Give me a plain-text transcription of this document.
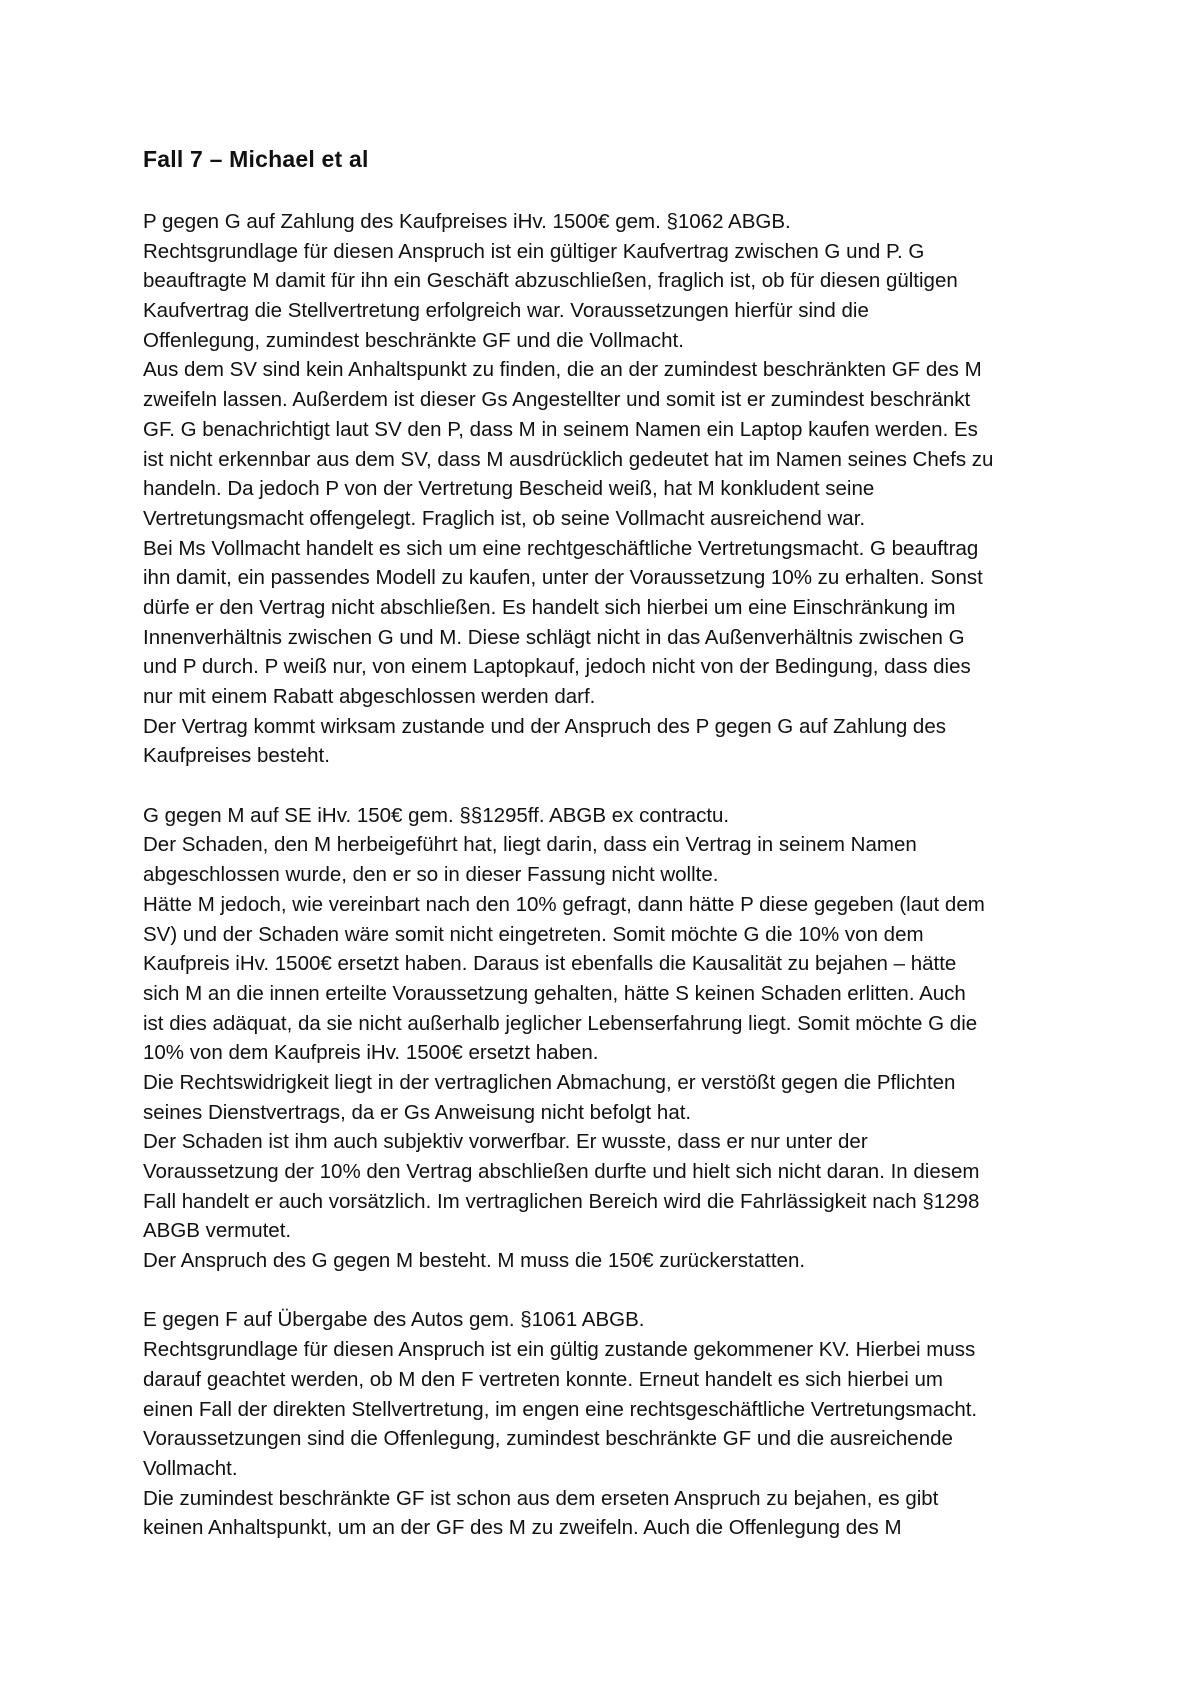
Fall 7 – Michael et al
P gegen G auf Zahlung des Kaufpreises iHv. 1500€ gem. §1062 ABGB.
Rechtsgrundlage für diesen Anspruch ist ein gültiger Kaufvertrag zwischen G und P. G
beauftragte M damit für ihn ein Geschäft abzuschließen, fraglich ist, ob für diesen gültigen
Kaufvertrag die Stellvertretung erfolgreich war. Voraussetzungen hierfür sind die
Offenlegung, zumindest beschränkte GF und die Vollmacht.
Aus dem SV sind kein Anhaltspunkt zu finden, die an der zumindest beschränkten GF des M
zweifeln lassen. Außerdem ist dieser Gs Angestellter und somit ist er zumindest beschränkt
GF. G benachrichtigt laut SV den P, dass M in seinem Namen ein Laptop kaufen werden. Es
ist nicht erkennbar aus dem SV, dass M ausdrücklich gedeutet hat im Namen seines Chefs zu
handeln. Da jedoch P von der Vertretung Bescheid weiß, hat M konkludent seine
Vertretungsmacht offengelegt. Fraglich ist, ob seine Vollmacht ausreichend war.
Bei Ms Vollmacht handelt es sich um eine rechtgeschäftliche Vertretungsmacht. G beauftrag
ihn damit, ein passendes Modell zu kaufen, unter der Voraussetzung 10% zu erhalten. Sonst
dürfe er den Vertrag nicht abschließen. Es handelt sich hierbei um eine Einschränkung im
Innenverhältnis zwischen G und M. Diese schlägt nicht in das Außenverhältnis zwischen G
und P durch. P weiß nur, von einem Laptopkauf, jedoch nicht von der Bedingung, dass dies
nur mit einem Rabatt abgeschlossen werden darf.
Der Vertrag kommt wirksam zustande und der Anspruch des P gegen G auf Zahlung des
Kaufpreises besteht.
G gegen M auf SE iHv. 150€ gem. §§1295ff. ABGB ex contractu.
Der Schaden, den M herbeigeführt hat, liegt darin, dass ein Vertrag in seinem Namen
abgeschlossen wurde, den er so in dieser Fassung nicht wollte.
Hätte M jedoch, wie vereinbart nach den 10% gefragt, dann hätte P diese gegeben (laut dem
SV) und der Schaden wäre somit nicht eingetreten. Somit möchte G die 10% von dem
Kaufpreis iHv. 1500€ ersetzt haben. Daraus ist ebenfalls die Kausalität zu bejahen – hätte
sich M an die innen erteilte Voraussetzung gehalten, hätte S keinen Schaden erlitten. Auch
ist dies adäquat, da sie nicht außerhalb jeglicher Lebenserfahrung liegt. Somit möchte G die
10% von dem Kaufpreis iHv. 1500€ ersetzt haben.
Die Rechtswidrigkeit liegt in der vertraglichen Abmachung, er verstößt gegen die Pflichten
seines Dienstvertrags, da er Gs Anweisung nicht befolgt hat.
Der Schaden ist ihm auch subjektiv vorwerfbar. Er wusste, dass er nur unter der
Voraussetzung der 10% den Vertrag abschließen durfte und hielt sich nicht daran. In diesem
Fall handelt er auch vorsätzlich. Im vertraglichen Bereich wird die Fahrlässigkeit nach §1298
ABGB vermutet.
Der Anspruch des G gegen M besteht. M muss die 150€ zurückerstatten.
E gegen F auf Übergabe des Autos gem. §1061 ABGB.
Rechtsgrundlage für diesen Anspruch ist ein gültig zustande gekommener KV. Hierbei muss
darauf geachtet werden, ob M den F vertreten konnte. Erneut handelt es sich hierbei um
einen Fall der direkten Stellvertretung, im engen eine rechtsgeschäftliche Vertretungsmacht.
Voraussetzungen sind die Offenlegung, zumindest beschränkte GF und die ausreichende
Vollmacht.
Die zumindest beschränkte GF ist schon aus dem erseten Anspruch zu bejahen, es gibt
keinen Anhaltspunkt, um an der GF des M zu zweifeln. Auch die Offenlegung des M
